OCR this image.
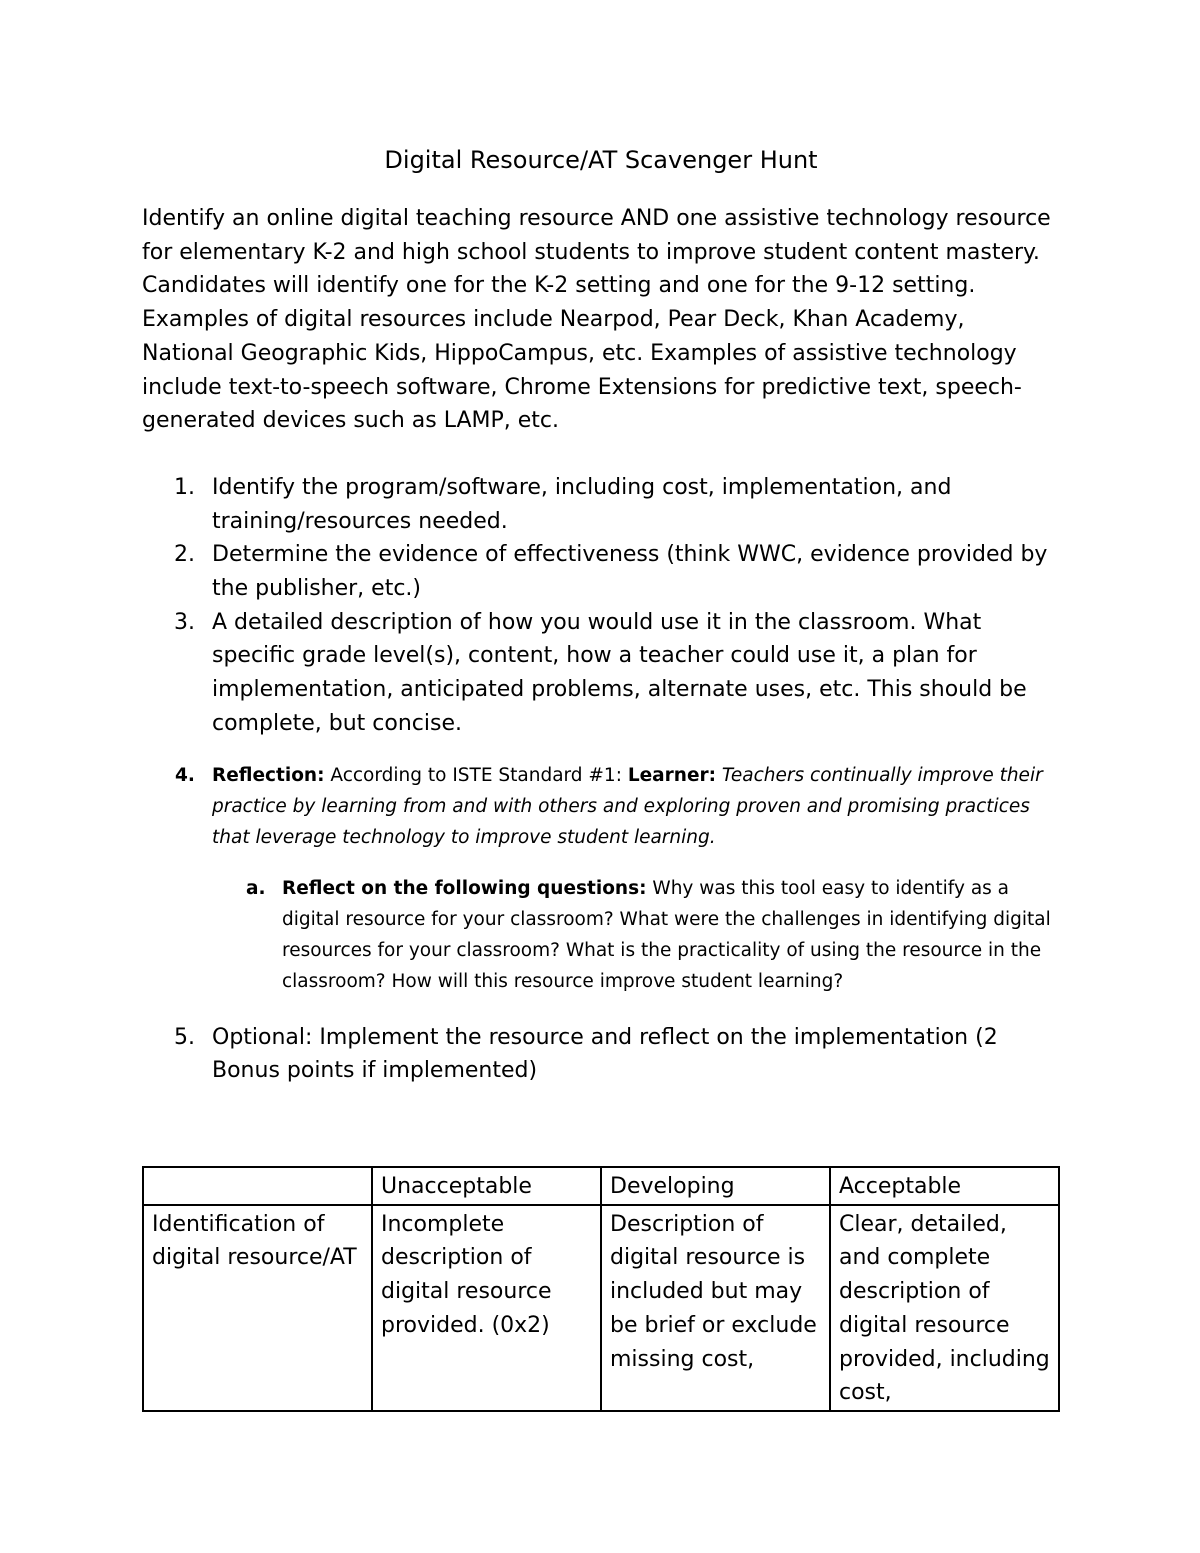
Digital Resource/AT Scavenger Hunt

Identify an online digital teaching resource AND one assistive technology resource for elementary K-2 and high school students to improve student content mastery. Candidates will identify one for the K-2 setting and one for the 9-12 setting. Examples of digital resources include Nearpod, Pear Deck, Khan Academy, National Geographic Kids, HippoCampus, etc. Examples of assistive technology include text-to-speech software, Chrome Extensions for predictive text, speech-generated devices such as LAMP, etc.

1. Identify the program/software, including cost, implementation, and training/resources needed.
2. Determine the evidence of effectiveness (think WWC, evidence provided by the publisher, etc.)
3. A detailed description of how you would use it in the classroom. What specific grade level(s), content, how a teacher could use it, a plan for implementation, anticipated problems, alternate uses, etc. This should be complete, but concise.
4. Reflection: According to ISTE Standard #1: Learner: Teachers continually improve their practice by learning from and with others and exploring proven and promising practices that leverage technology to improve student learning.
a. Reflect on the following questions: Why was this tool easy to identify as a digital resource for your classroom? What were the challenges in identifying digital resources for your classroom? What is the practicality of using the resource in the classroom? How will this resource improve student learning?
5. Optional: Implement the resource and reflect on the implementation (2 Bonus points if implemented)
	Unacceptable	Developing	Acceptable
Identification of digital resource/AT	Incomplete description of digital resource provided. (0x2)	Description of digital resource is included but may be brief or exclude missing cost,	Clear, detailed, and complete description of digital resource provided, including cost,
